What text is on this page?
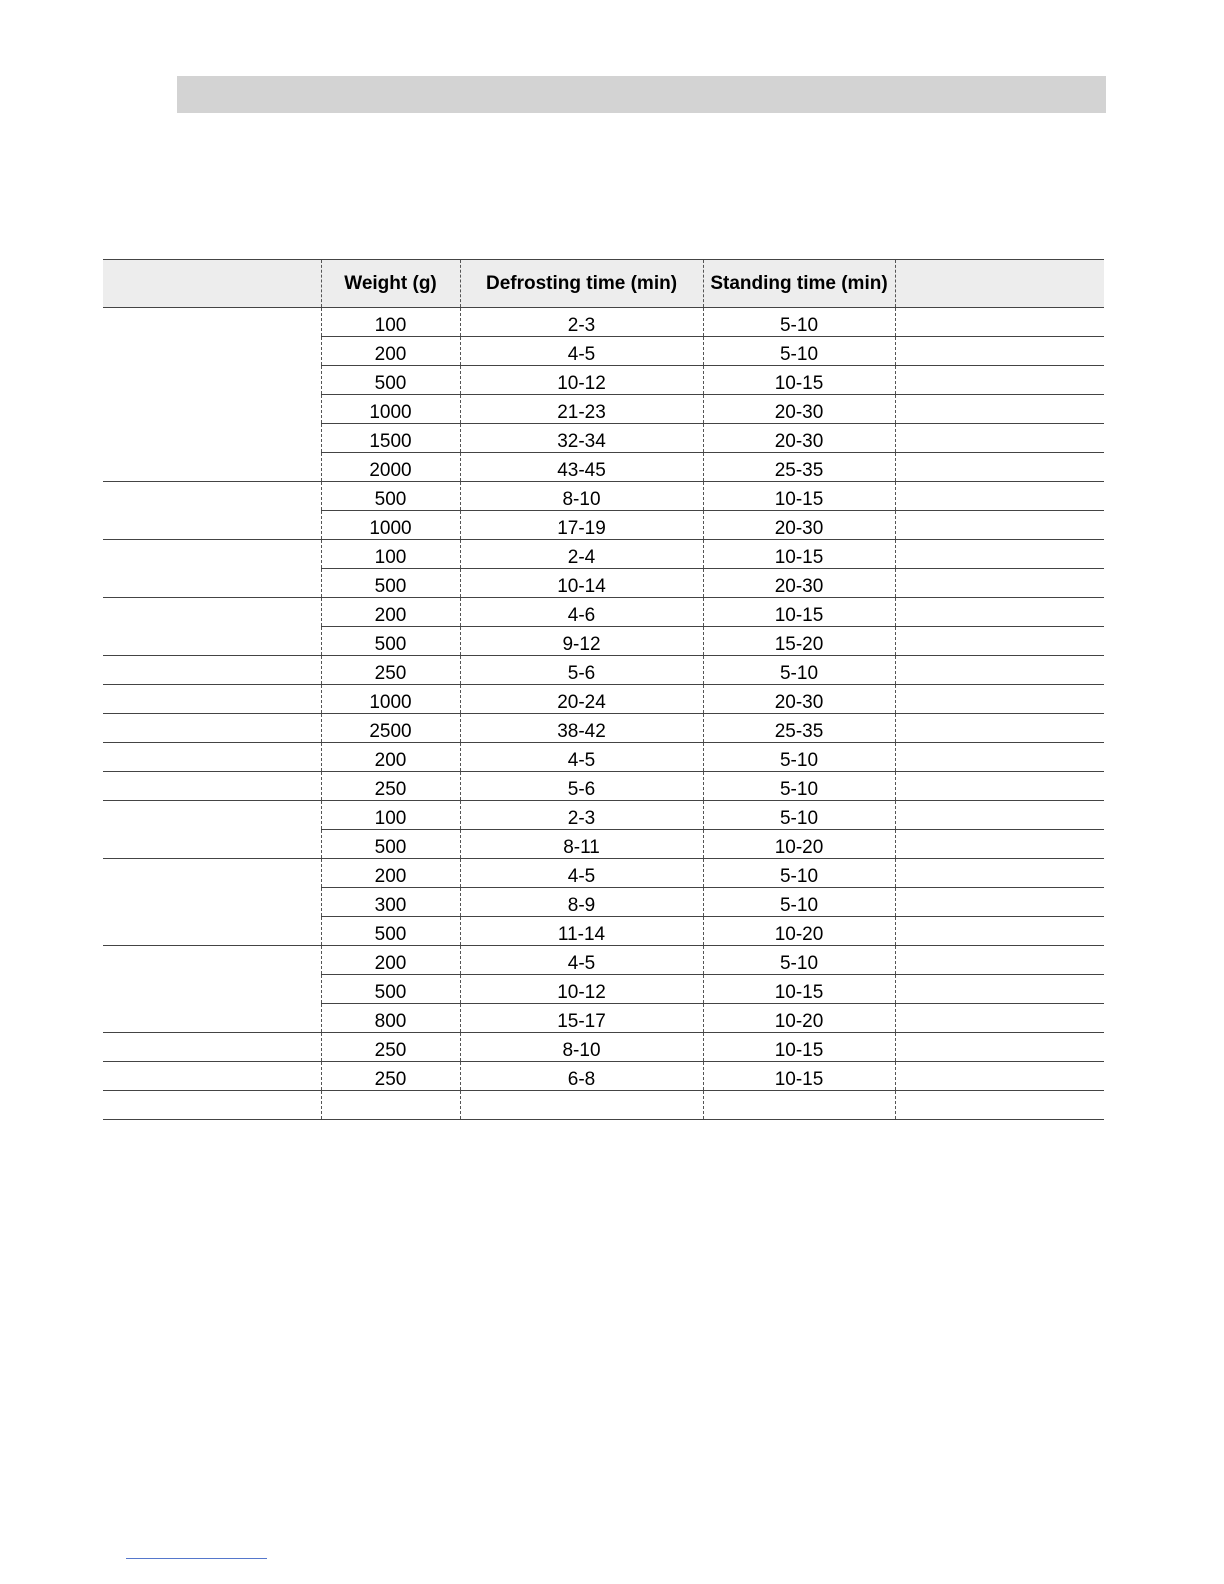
	Weight (g)	Defrosting time (min)	Standing time (min)	
	100	2-3	5-10	
	200	4-5	5-10	
	500	10-12	10-15	
	1000	21-23	20-30	
	1500	32-34	20-30	
	2000	43-45	25-35	
	500	8-10	10-15	
	1000	17-19	20-30	
	100	2-4	10-15	
	500	10-14	20-30	
	200	4-6	10-15	
	500	9-12	15-20	
	250	5-6	5-10	
	1000	20-24	20-30	
	2500	38-42	25-35	
	200	4-5	5-10	
	250	5-6	5-10	
	100	2-3	5-10	
	500	8-11	10-20	
	200	4-5	5-10	
	300	8-9	5-10	
	500	11-14	10-20	
	200	4-5	5-10	
	500	10-12	10-15	
	800	15-17	10-20	
	250	8-10	10-15	
	250	6-8	10-15	
